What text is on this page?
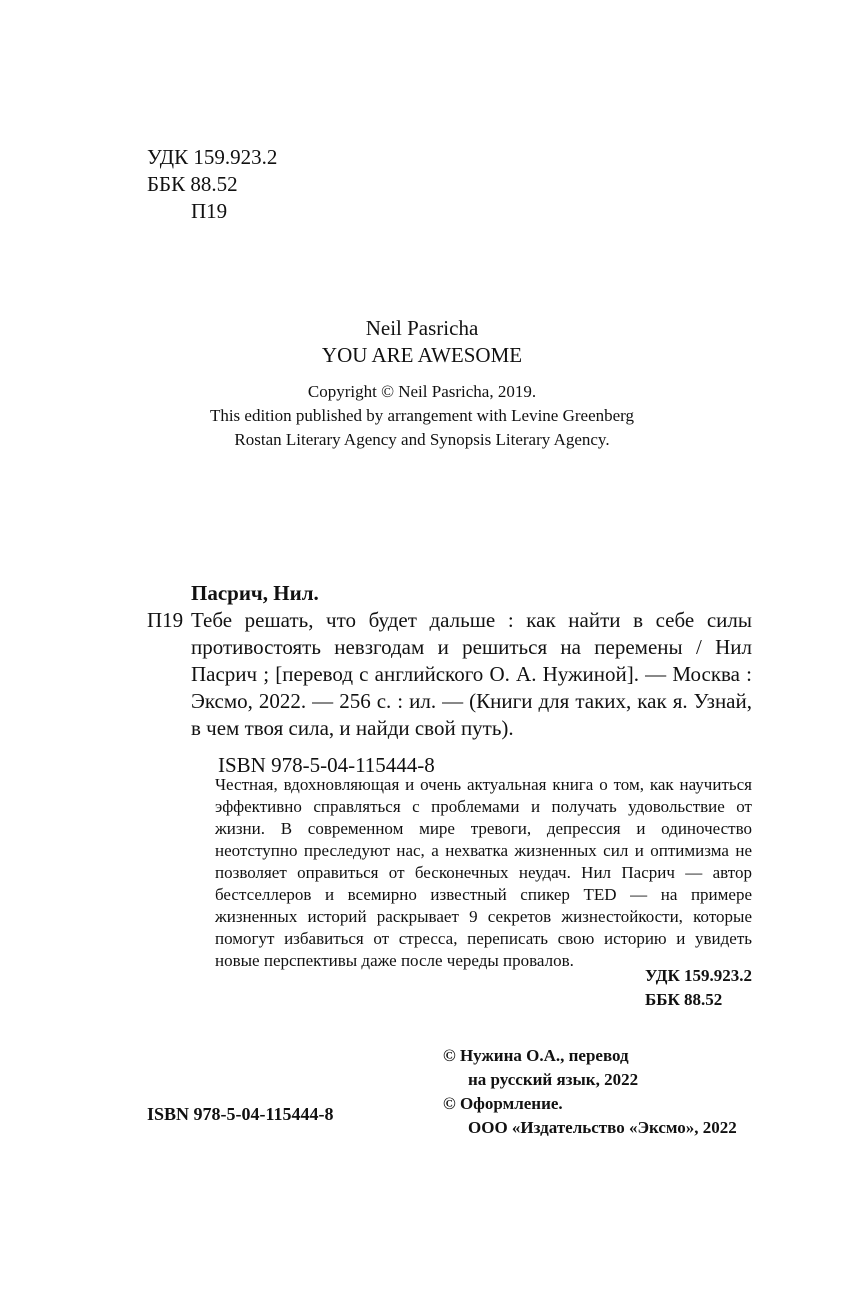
УДК 159.923.2
ББК 88.52
П19
Neil Pasricha
YOU ARE AWESOME
Copyright © Neil Pasricha, 2019.
This edition published by arrangement with Levine Greenberg
Rostan Literary Agency and Synopsis Literary Agency.
Пасрич, Нил.
П19 Тебе решать, что будет дальше : как найти в себе силы противостоять невзгодам и решиться на перемены / Нил Пасрич ; [перевод с английского О. А. Нужиной]. — Москва : Эксмо, 2022. — 256 с. : ил. — (Книги для таких, как я. Узнай, в чем твоя сила, и найди свой путь).
ISBN 978-5-04-115444-8
Честная, вдохновляющая и очень актуальная книга о том, как научиться эффективно справляться с проблемами и получать удовольствие от жизни. В современном мире тревоги, депрессия и одиночество неотступно преследуют нас, а нехватка жизненных сил и оптимизма не позволяет оправиться от бесконечных неудач. Нил Пасрич — автор бестселлеров и всемирно известный спикер TED — на примере жизненных историй раскрывает 9 секретов жизнестойкости, которые помогут избавиться от стресса, переписать свою историю и увидеть новые перспективы даже после череды провалов.
УДК 159.923.2
ББК 88.52
© Нужина О.А., перевод
на русский язык, 2022
© Оформление.
ООО «Издательство «Эксмо», 2022
ISBN 978-5-04-115444-8
